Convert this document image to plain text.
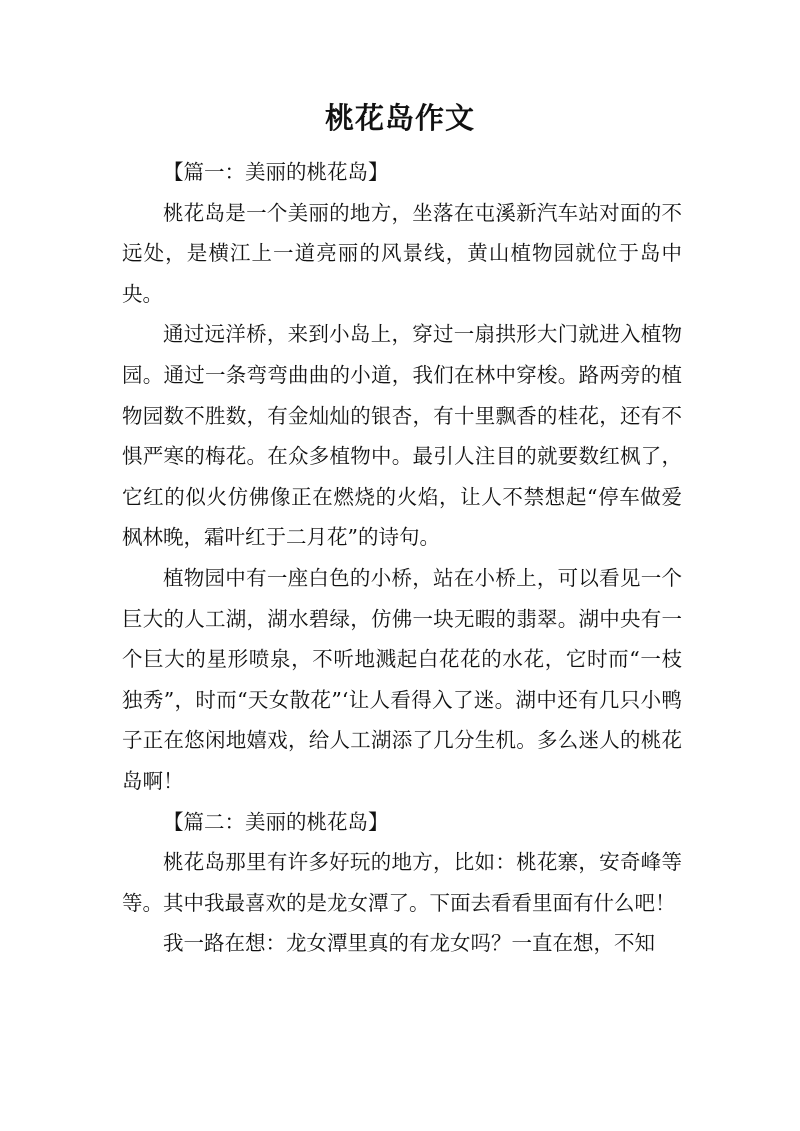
桃花岛作文

【篇一：美丽的桃花岛】

桃花岛是一个美丽的地方，坐落在屯溪新汽车站对面的不远处，是横江上一道亮丽的风景线，黄山植物园就位于岛中央。

通过远洋桥，来到小岛上，穿过一扇拱形大门就进入植物园。通过一条弯弯曲曲的小道，我们在林中穿梭。路两旁的植物园数不胜数，有金灿灿的银杏，有十里飘香的桂花，还有不惧严寒的梅花。在众多植物中。最引人注目的就要数红枫了，它红的似火仿佛像正在燃烧的火焰，让人不禁想起“停车做爱枫林晚，霜叶红于二月花”的诗句。

植物园中有一座白色的小桥，站在小桥上，可以看见一个巨大的人工湖，湖水碧绿，仿佛一块无暇的翡翠。湖中央有一个巨大的星形喷泉，不听地溅起白花花的水花，它时而“一枝独秀”，时而“天女散花”‘让人看得入了迷。湖中还有几只小鸭子正在悠闲地嬉戏，给人工湖添了几分生机。多么迷人的桃花岛啊！

【篇二：美丽的桃花岛】

桃花岛那里有许多好玩的地方，比如：桃花寨，安奇峰等等。其中我最喜欢的是龙女潭了。下面去看看里面有什么吧！

我一路在想：龙女潭里真的有龙女吗？一直在想，不知
